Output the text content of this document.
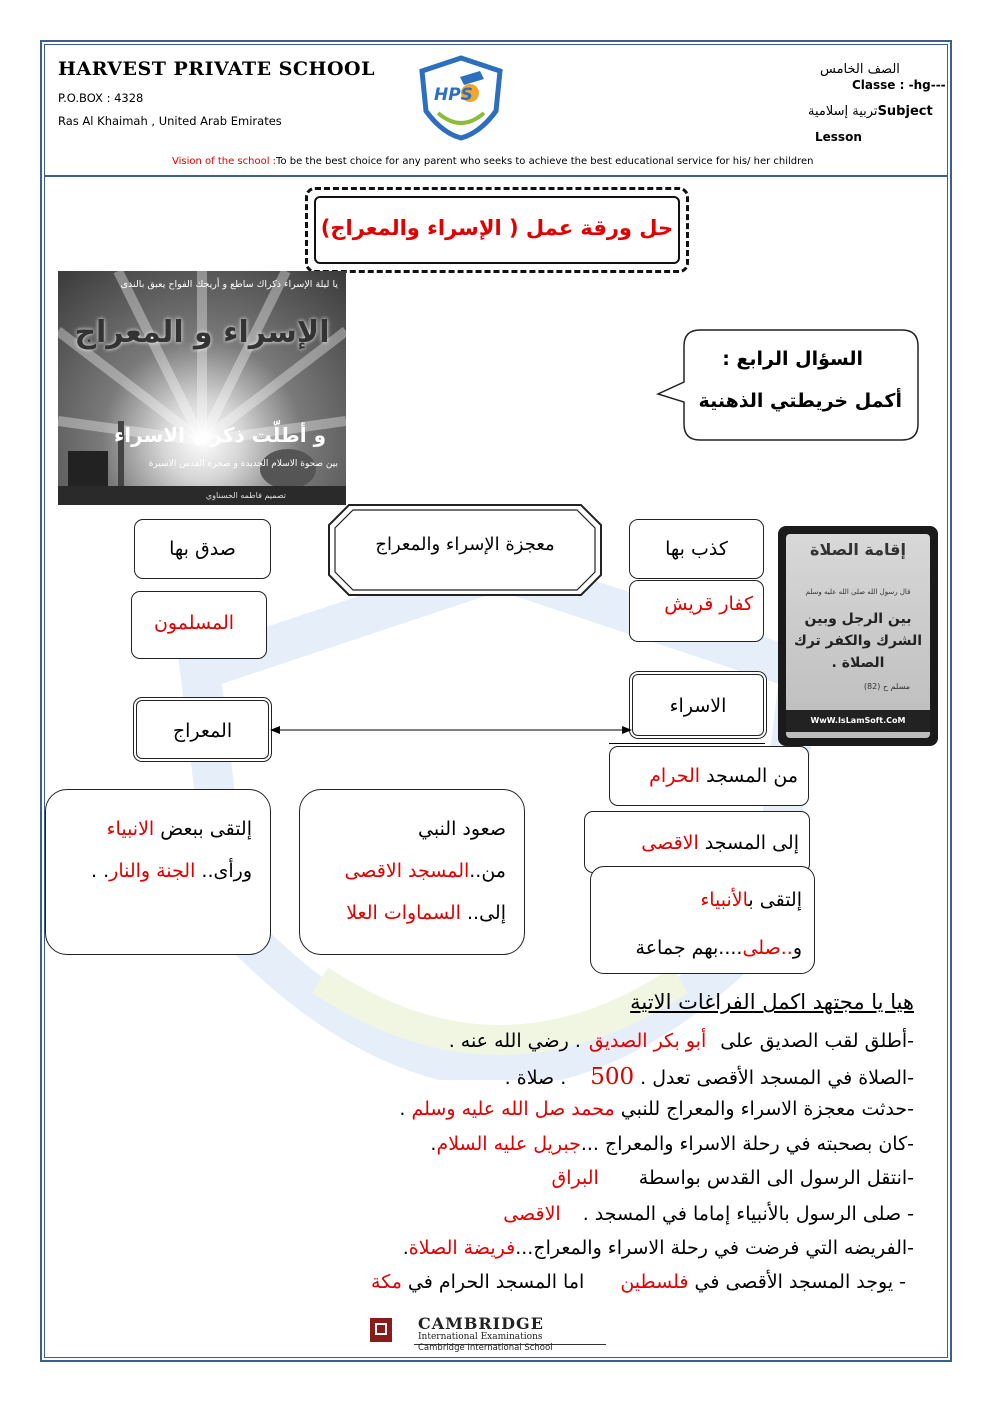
HARVEST PRIVATE SCHOOL
P.O.BOX : 4328
Ras Al Khaimah , United Arab Emirates
HPS
الصف الخامس
Classe : -hg---
تربية إسلاميةSubject
Lesson
Vision of the school :To be the best choice for any parent who seeks to achieve the best educational service for his/ her children
حل ورقة عمل ( الإسراء والمعراج)
يا ليلة الإسراء ذكراك ساطع و أريجك الفواح يعبق بالندى
الإسراء و المعراج
و أطلّت ذكرى الاسراء
بين صحوة الاسلام الجديدة و صخرة القدس الاسيرة
تصميم فاطمه الحسناوي
السؤال الرابع :
أكمل خريطتي الذهنية
معجزة الإسراء والمعراج
صدق بها
المسلمون
كذب بها
كفار قريش
إقامة الصلاة
قال رسول الله صلى الله عليه وسلم
بين الرجل وبين الشرك والكفر ترك الصلاة .
مسلم ح (82)
WwW.IsLamSoft.CoM
الاسراء
المعراج
من المسجد الحرام
إلى المسجد الاقصى
إلتقى بالأنبياء
و..صلى....بهم جماعة
صعود النبي
من..المسجد الاقصى
إلى.. السماوات العلا
إلتقى ببعض الانبياء
ورأى.. الجنة والنار. .
هيا يا مجتهد اكمل الفراغات الاتية
-أطلق لقب الصديق على أبو بكر الصديق. رضي الله عنه .
-الصلاة في المسجد الأقصى تعدل .500. صلاة .
-حدثت معجزة الاسراء والمعراج للنبي محمد صل الله عليه وسلم .
-كان بصحبته في رحلة الاسراء والمعراج ...جبريل عليه السلام.
-انتقل الرسول الى القدس بواسطةالبراق
- صلى الرسول بالأنبياء إماما في المسجد .الاقصى
-الفريضه التي فرضت في رحلة الاسراء والمعراج...فريضة الصلاة.
- يوجد المسجد الأقصى في فلسطين اما المسجد الحرام في مكة
CAMBRIDGE
International Examinations
Cambridge International School
